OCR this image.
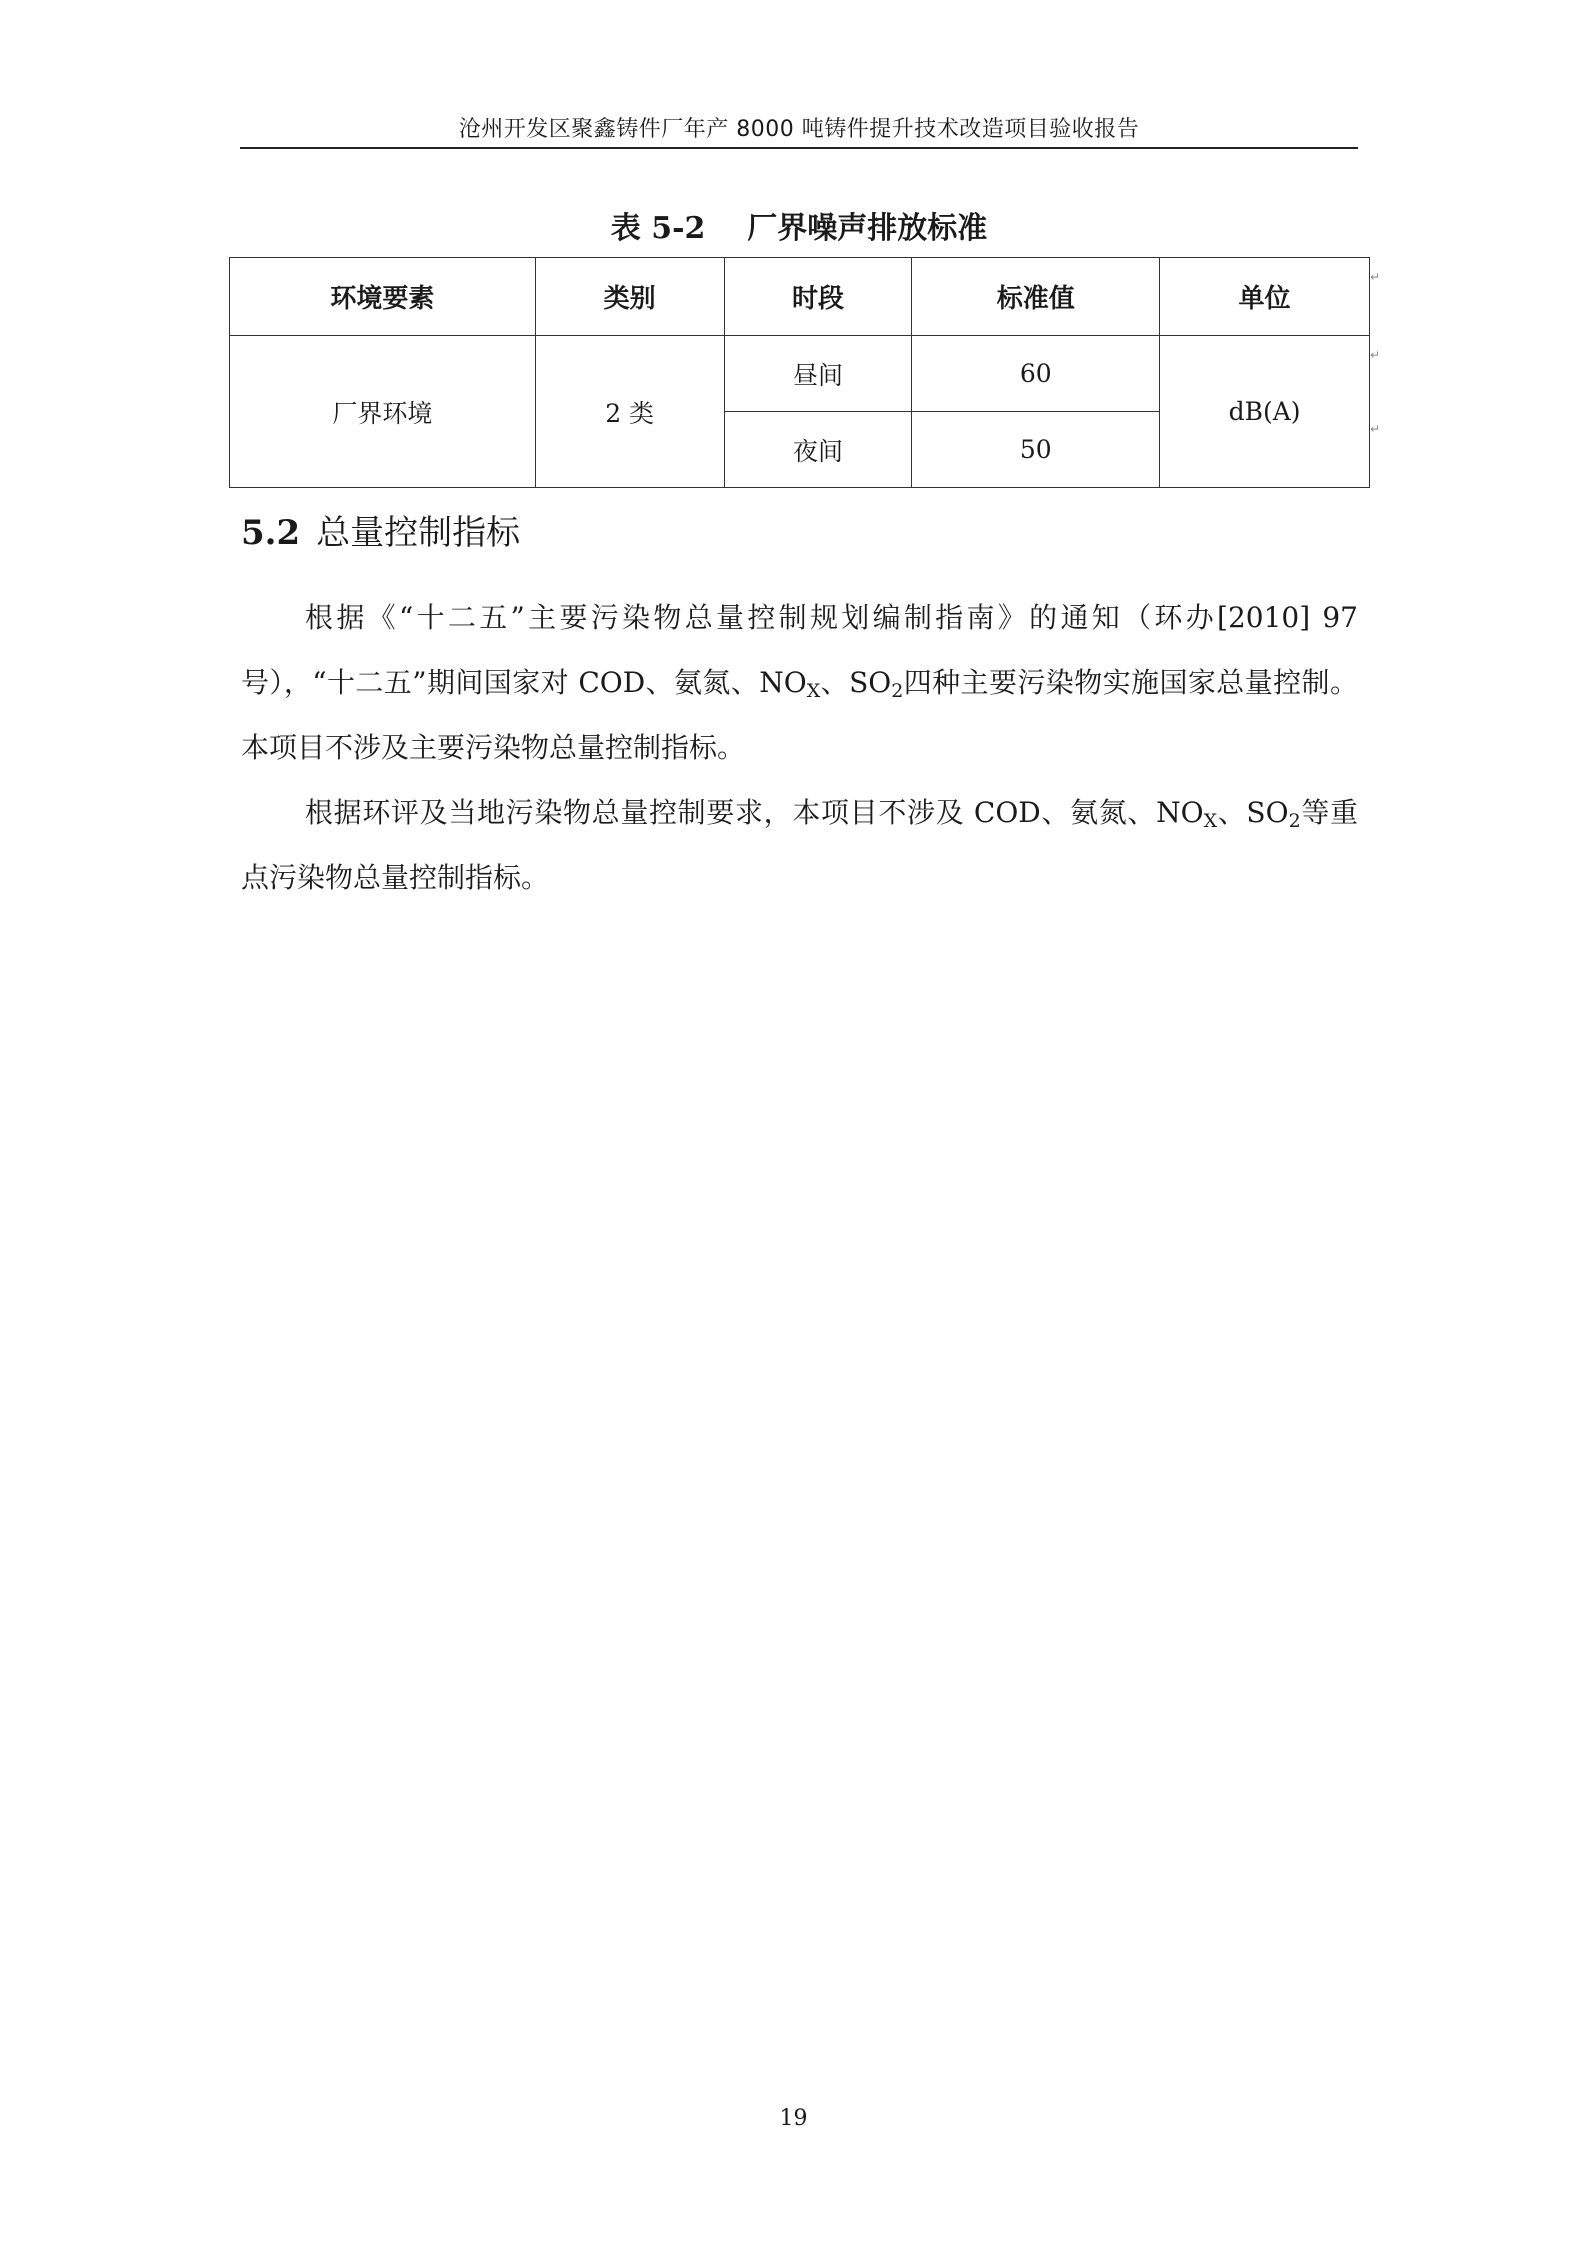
沧州开发区聚鑫铸件厂年产 8000 吨铸件提升技术改造项目验收报告
表 5-2    厂界噪声排放标准
环境要素	类别	时段	标准值	单位
厂界环境	2 类	昼间	60	dB(A)
		夜间	50	
↵
↵
↵
5.2 总量控制指标
根据《“十二五”主要污染物总量控制规划编制指南》的通知（环办[2010] 97 号），“十二五”期间国家对 COD、氨氮、$NO_X$、$SO_2$四种主要污染物实施国家总量控制。本项目不涉及主要污染物总量控制指标。
根据环评及当地污染物总量控制要求，本项目不涉及 COD、氨氮、$NO_X$、$SO_2$等重点污染物总量控制指标。
19
